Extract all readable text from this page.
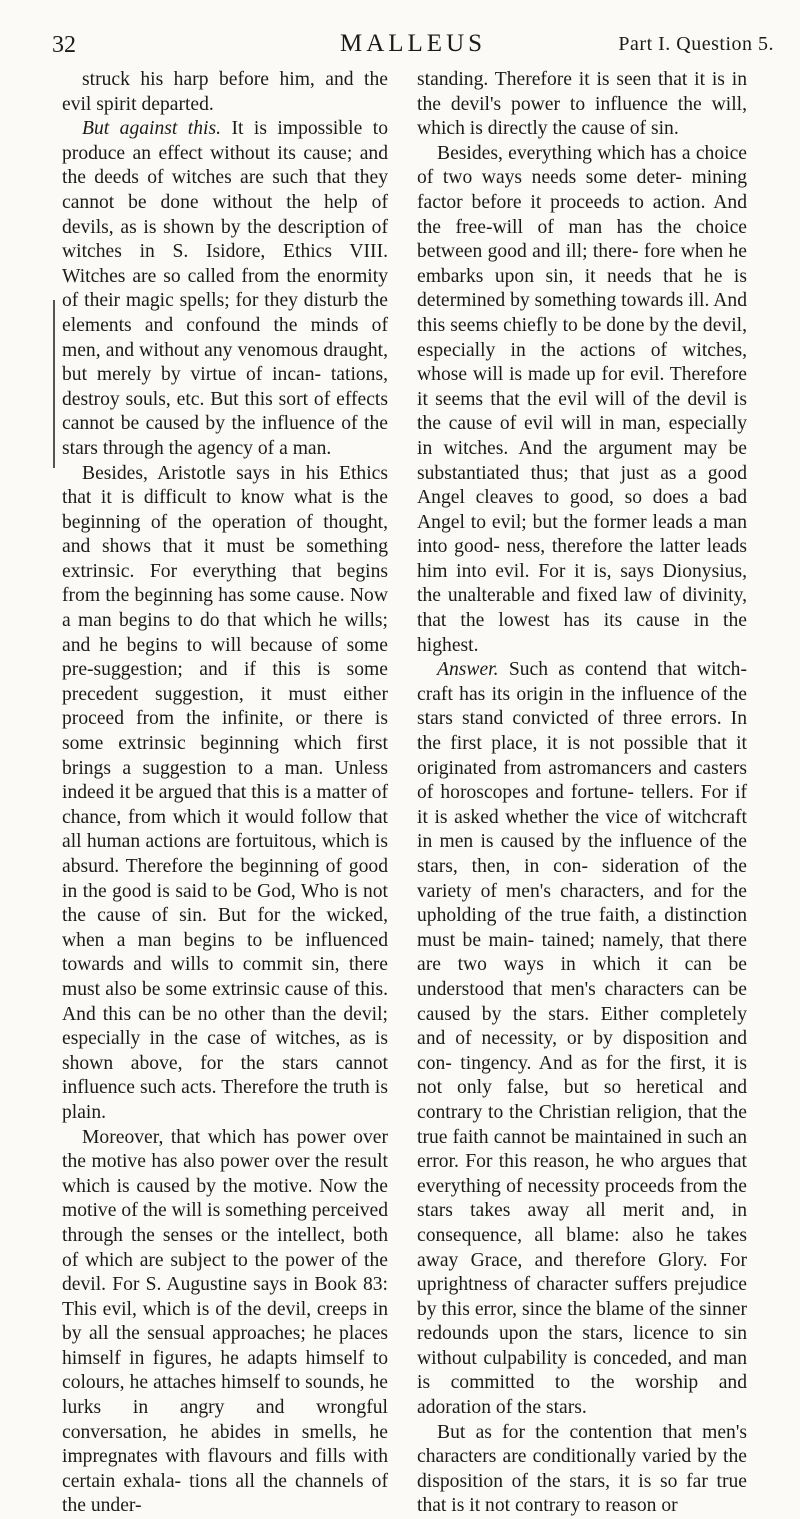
32	MALLEUS	Part I. Question 5.

struck his harp before him, and the evil spirit departed.

But against this. It is impossible to produce an effect without its cause; and the deeds of witches are such that they cannot be done without the help of devils, as is shown by the description of witches in S. Isidore, Ethics VIII. Witches are so called from the enormity of their magic spells; for they disturb the elements and confound the minds of men, and without any venomous draught, but merely by virtue of incan- tations, destroy souls, etc. But this sort of effects cannot be caused by the influence of the stars through the agency of a man.

Besides, Aristotle says in his Ethics that it is difficult to know what is the beginning of the operation of thought, and shows that it must be something extrinsic. For everything that begins from the beginning has some cause. Now a man begins to do that which he wills; and he begins to will because of some pre-suggestion; and if this is some precedent suggestion, it must either proceed from the infinite, or there is some extrinsic beginning which first brings a suggestion to a man. Unless indeed it be argued that this is a matter of chance, from which it would follow that all human actions are fortuitous, which is absurd. Therefore the beginning of good in the good is said to be God, Who is not the cause of sin. But for the wicked, when a man begins to be influenced towards and wills to commit sin, there must also be some extrinsic cause of this. And this can be no other than the devil; especially in the case of witches, as is shown above, for the stars cannot influence such acts. Therefore the truth is plain.

Moreover, that which has power over the motive has also power over the result which is caused by the motive. Now the motive of the will is something perceived through the senses or the intellect, both of which are subject to the power of the devil. For S. Augustine says in Book 83: This evil, which is of the devil, creeps in by all the sensual approaches; he places himself in figures, he adapts himself to colours, he attaches himself to sounds, he lurks in angry and wrongful conversation, he abides in smells, he impregnates with flavours and fills with certain exhala- tions all the channels of the under-

standing. Therefore it is seen that it is in the devil's power to influence the will, which is directly the cause of sin.

Besides, everything which has a choice of two ways needs some deter- mining factor before it proceeds to action. And the free-will of man has the choice between good and ill; there- fore when he embarks upon sin, it needs that he is determined by something towards ill. And this seems chiefly to be done by the devil, especially in the actions of witches, whose will is made up for evil. Therefore it seems that the evil will of the devil is the cause of evil will in man, especially in witches. And the argument may be substantiated thus; that just as a good Angel cleaves to good, so does a bad Angel to evil; but the former leads a man into good- ness, therefore the latter leads him into evil. For it is, says Dionysius, the unalterable and fixed law of divinity, that the lowest has its cause in the highest.

Answer. Such as contend that witch- craft has its origin in the influence of the stars stand convicted of three errors. In the first place, it is not possible that it originated from astromancers and casters of horoscopes and fortune- tellers. For if it is asked whether the vice of witchcraft in men is caused by the influence of the stars, then, in con- sideration of the variety of men's characters, and for the upholding of the true faith, a distinction must be main- tained; namely, that there are two ways in which it can be understood that men's characters can be caused by the stars. Either completely and of necessity, or by disposition and con- tingency. And as for the first, it is not only false, but so heretical and contrary to the Christian religion, that the true faith cannot be maintained in such an error. For this reason, he who argues that everything of necessity proceeds from the stars takes away all merit and, in consequence, all blame: also he takes away Grace, and therefore Glory. For uprightness of character suffers prejudice by this error, since the blame of the sinner redounds upon the stars, licence to sin without culpability is conceded, and man is committed to the worship and adoration of the stars.

But as for the contention that men's characters are conditionally varied by the disposition of the stars, it is so far true that is it not contrary to reason or
